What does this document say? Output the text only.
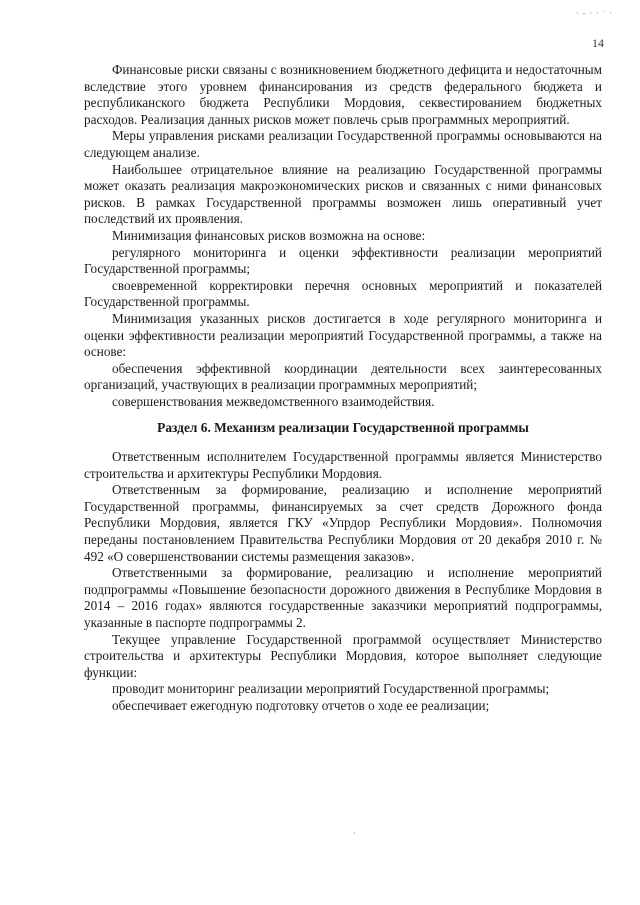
· - · · ˙ ·
14

Финансовые риски связаны с возникновением бюджетного дефицита и недостаточным вследствие этого уровнем финансирования из средств федерального бюджета и республиканского бюджета Республики Мордовия, секвестированием бюджетных расходов. Реализация данных рисков может повлечь срыв программных мероприятий.

Меры управления рисками реализации Государственной программы основываются на следующем анализе.

Наибольшее отрицательное влияние на реализацию Государственной программы может оказать реализация макроэкономических рисков и связанных с ними финансовых рисков. В рамках Государственной программы возможен лишь оперативный учет последствий их проявления.

Минимизация финансовых рисков возможна на основе:

регулярного мониторинга и оценки эффективности реализации мероприятий Государственной программы;

своевременной корректировки перечня основных мероприятий и показателей Государственной программы.

Минимизация указанных рисков достигается в ходе регулярного мониторинга и оценки эффективности реализации мероприятий Государственной программы, а также на основе:

обеспечения эффективной координации деятельности всех заинтересованных организаций, участвующих в реализации программных мероприятий;

совершенствования межведомственного взаимодействия.

Раздел 6. Механизм реализации Государственной программы

Ответственным исполнителем Государственной программы является Министерство строительства и архитектуры Республики Мордовия.

Ответственным за формирование, реализацию и исполнение мероприятий Государственной программы, финансируемых за счет средств Дорожного фонда Республики Мордовия, является ГКУ «Упрдор Республики Мордовия». Полномочия переданы постановлением Правительства Республики Мордовия от 20 декабря 2010 г. № 492 «О совершенствовании системы размещения заказов».

Ответственными за формирование, реализацию и исполнение мероприятий подпрограммы «Повышение безопасности дорожного движения в Республике Мордовия в 2014 – 2016 годах» являются государственные заказчики мероприятий подпрограммы, указанные в паспорте подпрограммы 2.

Текущее управление Государственной программой осуществляет Министерство строительства и архитектуры Республики Мордовия, которое выполняет следующие функции:

проводит мониторинг реализации мероприятий Государственной программы;

обеспечивает ежегодную подготовку отчетов о ходе ее реализации;

·
